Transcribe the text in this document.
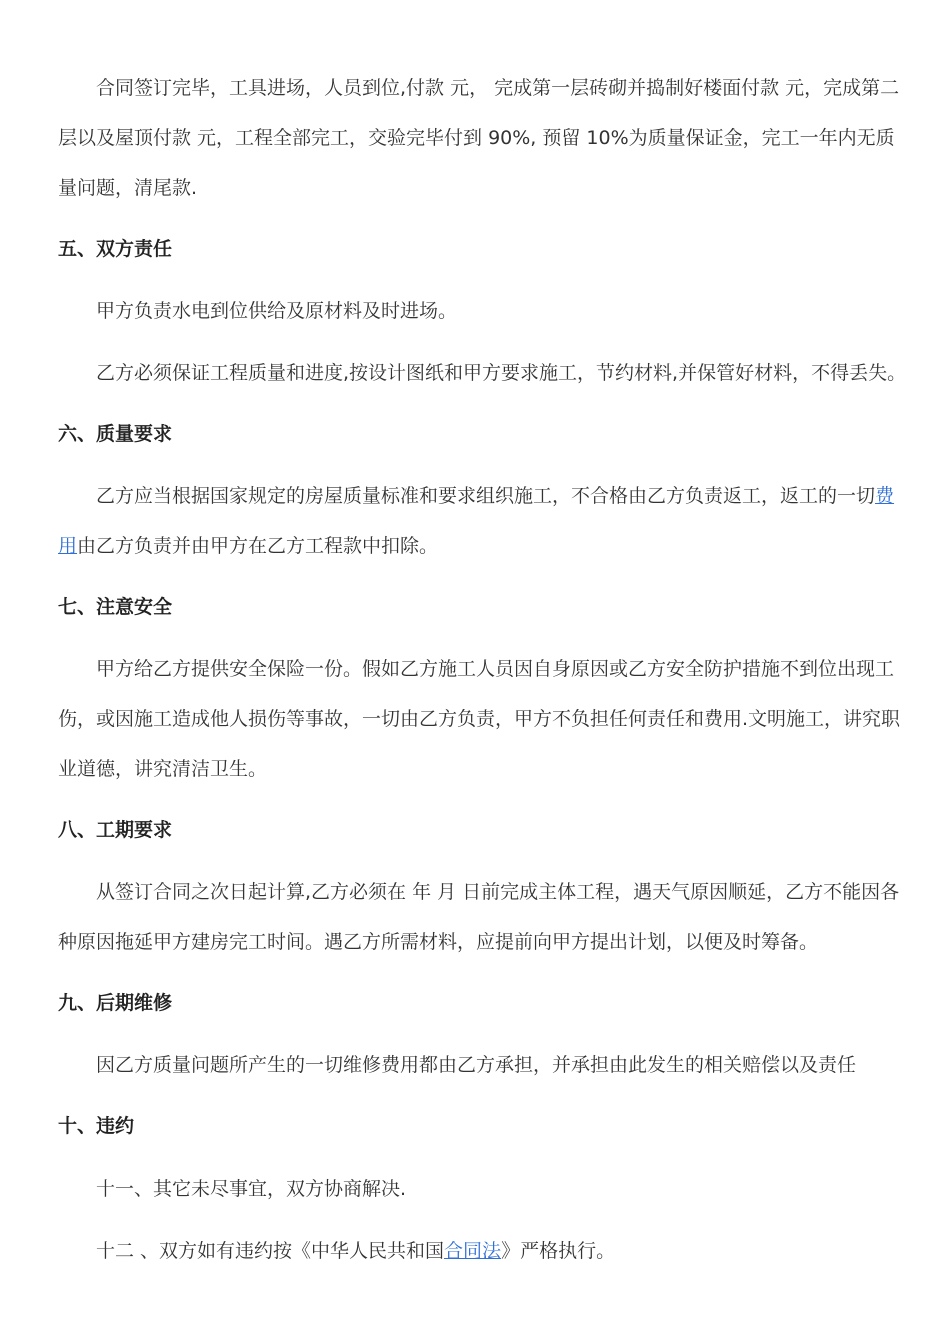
合同签订完毕，工具进场，人员到位,付款 元， 完成第一层砖砌并捣制好楼面付款 元，完成第二层以及屋顶付款 元，工程全部完工，交验完毕付到 90%, 预留 10%为质量保证金，完工一年内无质量问题，清尾款.

五、双方责任

甲方负责水电到位供给及原材料及时进场。

乙方必须保证工程质量和进度,按设计图纸和甲方要求施工，节约材料,并保管好材料，不得丢失。

六、质量要求

乙方应当根据国家规定的房屋质量标准和要求组织施工，不合格由乙方负责返工，返工的一切费用由乙方负责并由甲方在乙方工程款中扣除。

七、注意安全

甲方给乙方提供安全保险一份。假如乙方施工人员因自身原因或乙方安全防护措施不到位出现工伤，或因施工造成他人损伤等事故，一切由乙方负责，甲方不负担任何责任和费用.文明施工，讲究职业道德，讲究清洁卫生。

八、工期要求

从签订合同之次日起计算,乙方必须在 年 月 日前完成主体工程，遇天气原因顺延，乙方不能因各种原因拖延甲方建房完工时间。遇乙方所需材料，应提前向甲方提出计划，以便及时筹备。

九、后期维修

因乙方质量问题所产生的一切维修费用都由乙方承担，并承担由此发生的相关赔偿以及责任

十、违约

十一、其它未尽事宜，双方协商解决.

十二 、双方如有违约按《中华人民共和国合同法》严格执行。
